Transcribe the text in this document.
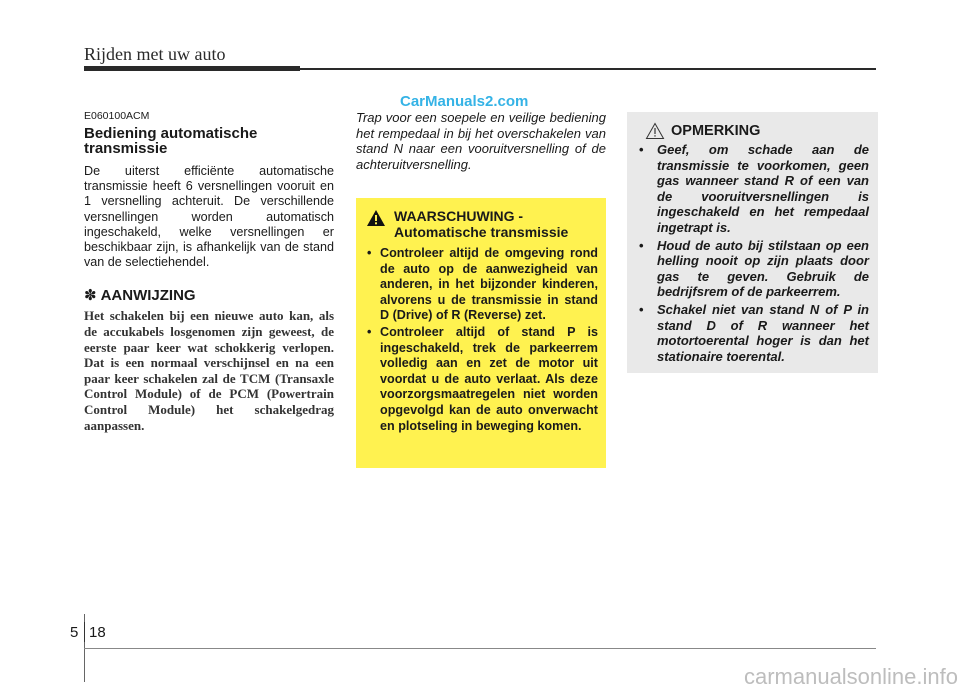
Rijden met uw auto
CarManuals2.com
E060100ACM
Bediening automatische transmissie
De uiterst efficiënte automatische transmissie heeft 6 versnellingen vooruit en 1 versnelling achteruit. De verschillende versnellingen worden automatisch ingeschakeld, welke versnellingen er beschikbaar zijn, is afhankelijk van de stand van de selectiehendel.
✽ AANWIJZING
Het schakelen bij een nieuwe auto kan, als de accukabels losgenomen zijn geweest, de eerste paar keer wat schokkerig verlopen. Dat is een normaal verschijnsel en na een paar keer schakelen zal de TCM (Transaxle Control Module) of de PCM (Powertrain Control Module) het schakelgedrag aanpassen.
Trap voor een soepele en veilige bediening het rempedaal in bij het overschakelen van stand N naar een vooruitversnelling of de achteruitversnelling.
WAARSCHUWING -
Automatische transmissie
• Controleer altijd de omgeving rond de auto op de aanwezigheid van anderen, in het bijzonder kinderen, alvorens u de transmissie in stand D (Drive) of R (Reverse) zet.
• Controleer altijd of stand P is ingeschakeld, trek de parkeerrem volledig aan en zet de motor uit voordat u de auto verlaat. Als deze voorzorgsmaatregelen niet worden opgevolgd kan de auto onverwacht en plotseling in beweging komen.
OPMERKING
• Geef, om schade aan de transmissie te voorkomen, geen gas wanneer stand R of een van de vooruitversnellingen is ingeschakeld en het rempedaal ingetrapt is.
• Houd de auto bij stilstaan op een helling nooit op zijn plaats door gas te geven. Gebruik de bedrijfsrem of de parkeerrem.
• Schakel niet van stand N of P in stand D of R wanneer het motortoerental hoger is dan het stationaire toerental.
5 18
carmanualsonline.info
